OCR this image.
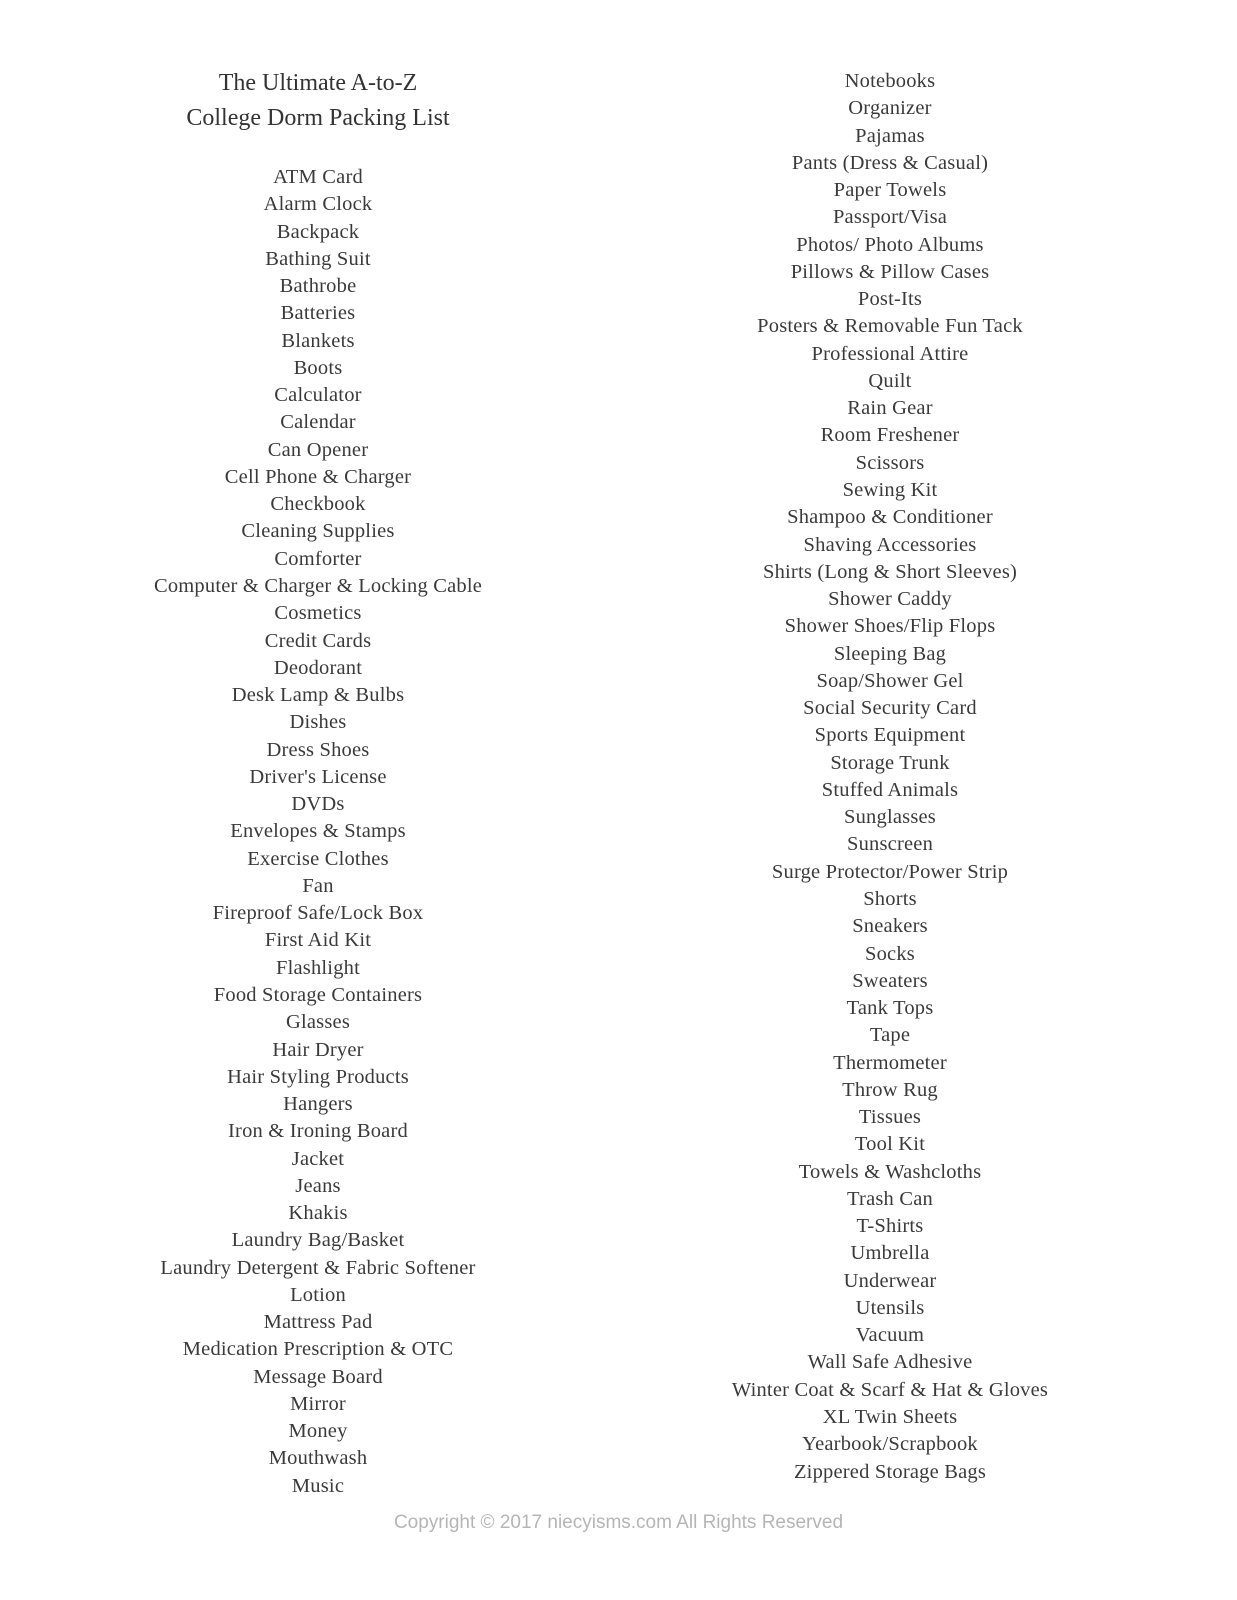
The Ultimate A-to-Z
College Dorm Packing List
ATM Card
Alarm Clock
Backpack
Bathing Suit
Bathrobe
Batteries
Blankets
Boots
Calculator
Calendar
Can Opener
Cell Phone & Charger
Checkbook
Cleaning Supplies
Comforter
Computer & Charger & Locking Cable
Cosmetics
Credit Cards
Deodorant
Desk Lamp & Bulbs
Dishes
Dress Shoes
Driver's License
DVDs
Envelopes & Stamps
Exercise Clothes
Fan
Fireproof Safe/Lock Box
First Aid Kit
Flashlight
Food Storage Containers
Glasses
Hair Dryer
Hair Styling Products
Hangers
Iron & Ironing Board
Jacket
Jeans
Khakis
Laundry Bag/Basket
Laundry Detergent & Fabric Softener
Lotion
Mattress Pad
Medication Prescription & OTC
Message Board
Mirror
Money
Mouthwash
Music
Notebooks
Organizer
Pajamas
Pants (Dress & Casual)
Paper Towels
Passport/Visa
Photos/ Photo Albums
Pillows & Pillow Cases
Post-Its
Posters & Removable Fun Tack
Professional Attire
Quilt
Rain Gear
Room Freshener
Scissors
Sewing Kit
Shampoo & Conditioner
Shaving Accessories
Shirts (Long & Short Sleeves)
Shower Caddy
Shower Shoes/Flip Flops
Sleeping Bag
Soap/Shower Gel
Social Security Card
Sports Equipment
Storage Trunk
Stuffed Animals
Sunglasses
Sunscreen
Surge Protector/Power Strip
Shorts
Sneakers
Socks
Sweaters
Tank Tops
Tape
Thermometer
Throw Rug
Tissues
Tool Kit
Towels & Washcloths
Trash Can
T-Shirts
Umbrella
Underwear
Utensils
Vacuum
Wall Safe Adhesive
Winter Coat & Scarf & Hat & Gloves
XL Twin Sheets
Yearbook/Scrapbook
Zippered Storage Bags
Copyright © 2017 niecyisms.com All Rights Reserved
